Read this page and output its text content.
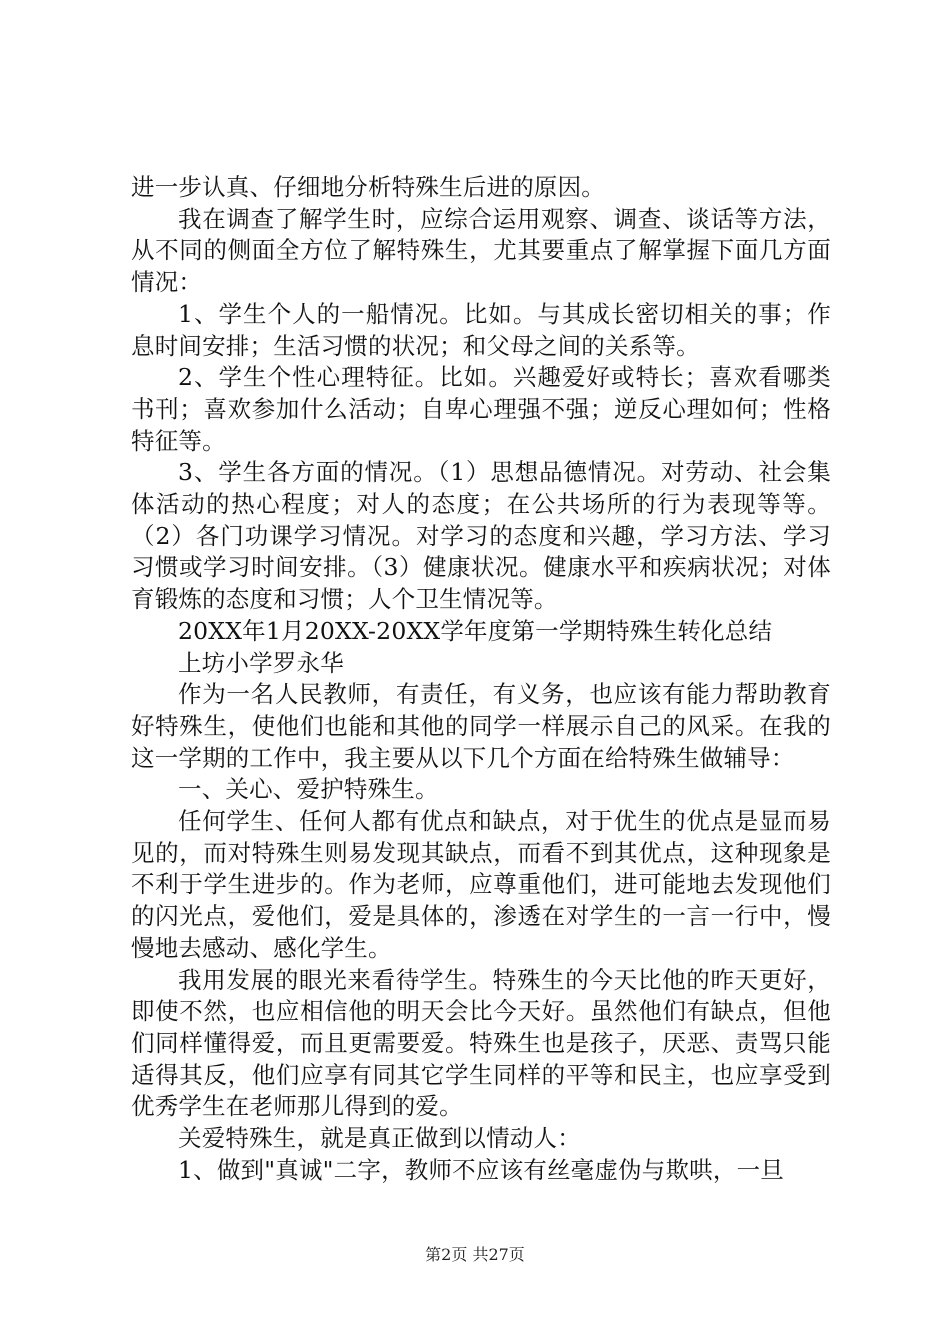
进一步认真、仔细地分析特殊生后进的原因。

我在调查了解学生时，应综合运用观察、调查、谈话等方法，从不同的侧面全方位了解特殊生，尤其要重点了解掌握下面几方面情况：

1、学生个人的一船情况。比如。与其成长密切相关的事；作息时间安排；生活习惯的状况；和父母之间的关系等。

2、学生个性心理特征。比如。兴趣爱好或特长；喜欢看哪类书刊；喜欢参加什么活动；自卑心理强不强；逆反心理如何；性格特征等。

3、学生各方面的情况。（1）思想品德情况。对劳动、社会集体活动的热心程度；对人的态度；在公共场所的行为表现等等。（2）各门功课学习情况。对学习的态度和兴趣，学习方法、学习习惯或学习时间安排。（3）健康状况。健康水平和疾病状况；对体育锻炼的态度和习惯；人个卫生情况等。

20XX年1月20XX-20XX学年度第一学期特殊生转化总结

上坊小学罗永华

作为一名人民教师，有责任，有义务，也应该有能力帮助教育好特殊生，使他们也能和其他的同学一样展示自己的风采。在我的这一学期的工作中，我主要从以下几个方面在给特殊生做辅导：

一、关心、爱护特殊生。

任何学生、任何人都有优点和缺点，对于优生的优点是显而易见的，而对特殊生则易发现其缺点，而看不到其优点，这种现象是不利于学生进步的。作为老师，应尊重他们，进可能地去发现他们的闪光点，爱他们，爱是具体的，渗透在对学生的一言一行中，慢慢地去感动、感化学生。

我用发展的眼光来看待学生。特殊生的今天比他的昨天更好，即使不然，也应相信他的明天会比今天好。虽然他们有缺点，但他们同样懂得爱，而且更需要爱。特殊生也是孩子，厌恶、责骂只能适得其反，他们应享有同其它学生同样的平等和民主，也应享受到优秀学生在老师那儿得到的爱。

关爱特殊生，就是真正做到以情动人：

1、做到"真诚"二字，教师不应该有丝毫虚伪与欺哄，一旦

第2页 共27页
